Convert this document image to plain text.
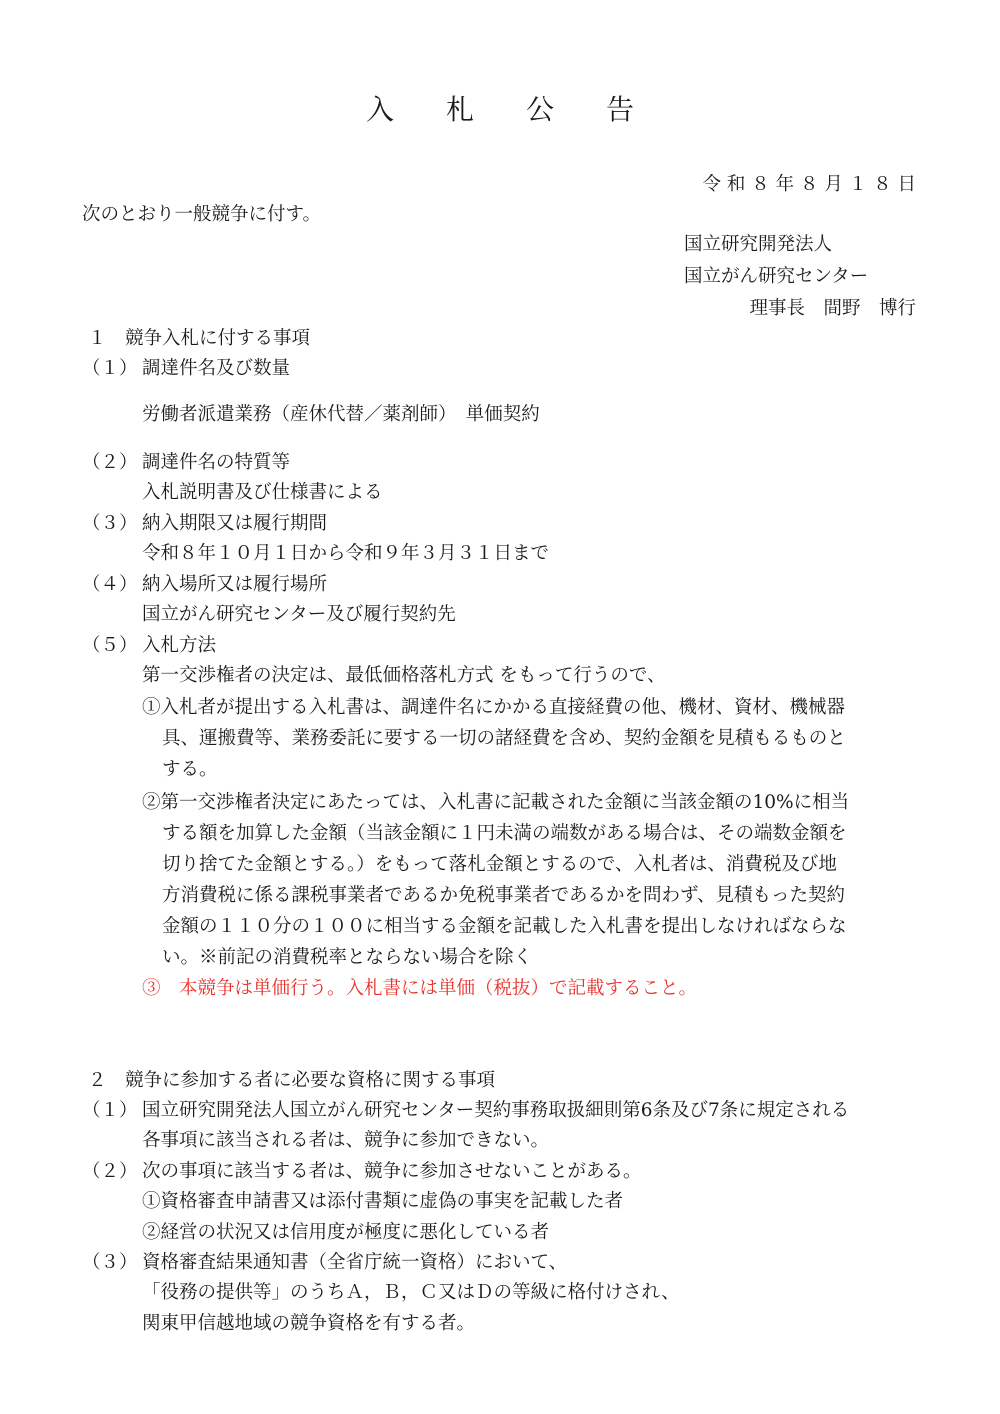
入 札 公 告
令 和 ８ 年 ８ 月 １ ８ 日
次のとおり一般競争に付す。
国立研究開発法人
国立がん研究センター
理事長　間野　博行
１　競争入札に付する事項
（１） 調達件名及び数量
労働者派遣業務（産休代替／薬剤師）　単価契約
（２） 調達件名の特質等
入札説明書及び仕様書による
（３） 納入期限又は履行期間
令和８年１０月１日から令和９年３月３１日まで
（４） 納入場所又は履行場所
国立がん研究センター及び履行契約先
（５） 入札方法
第一交渉権者の決定は、最低価格落札方式 をもって行うので、
①入札者が提出する入札書は、調達件名にかかる直接経費の他、機材、資材、機械器
具、運搬費等、業務委託に要する一切の諸経費を含め、契約金額を見積もるものと
する。
②第一交渉権者決定にあたっては、入札書に記載された金額に当該金額の10%に相当
する額を加算した金額（当該金額に１円未満の端数がある場合は、その端数金額を
切り捨てた金額とする。）をもって落札金額とするので、入札者は、消費税及び地
方消費税に係る課税事業者であるか免税事業者であるかを問わず、見積もった契約
金額の１１０分の１００に相当する金額を記載した入札書を提出しなければならな
い。※前記の消費税率とならない場合を除く
③　本競争は単価行う。入札書には単価（税抜）で記載すること。
２　競争に参加する者に必要な資格に関する事項
（１） 国立研究開発法人国立がん研究センター契約事務取扱細則第6条及び7条に規定される
各事項に該当される者は、競争に参加できない。
（２） 次の事項に該当する者は、競争に参加させないことがある。
①資格審査申請書又は添付書類に虚偽の事実を記載した者
②経営の状況又は信用度が極度に悪化している者
（３） 資格審査結果通知書（全省庁統一資格）において、
「役務の提供等」のうちＡ，Ｂ，Ｃ又はＤの等級に格付けされ、
関東甲信越地域の競争資格を有する者。
